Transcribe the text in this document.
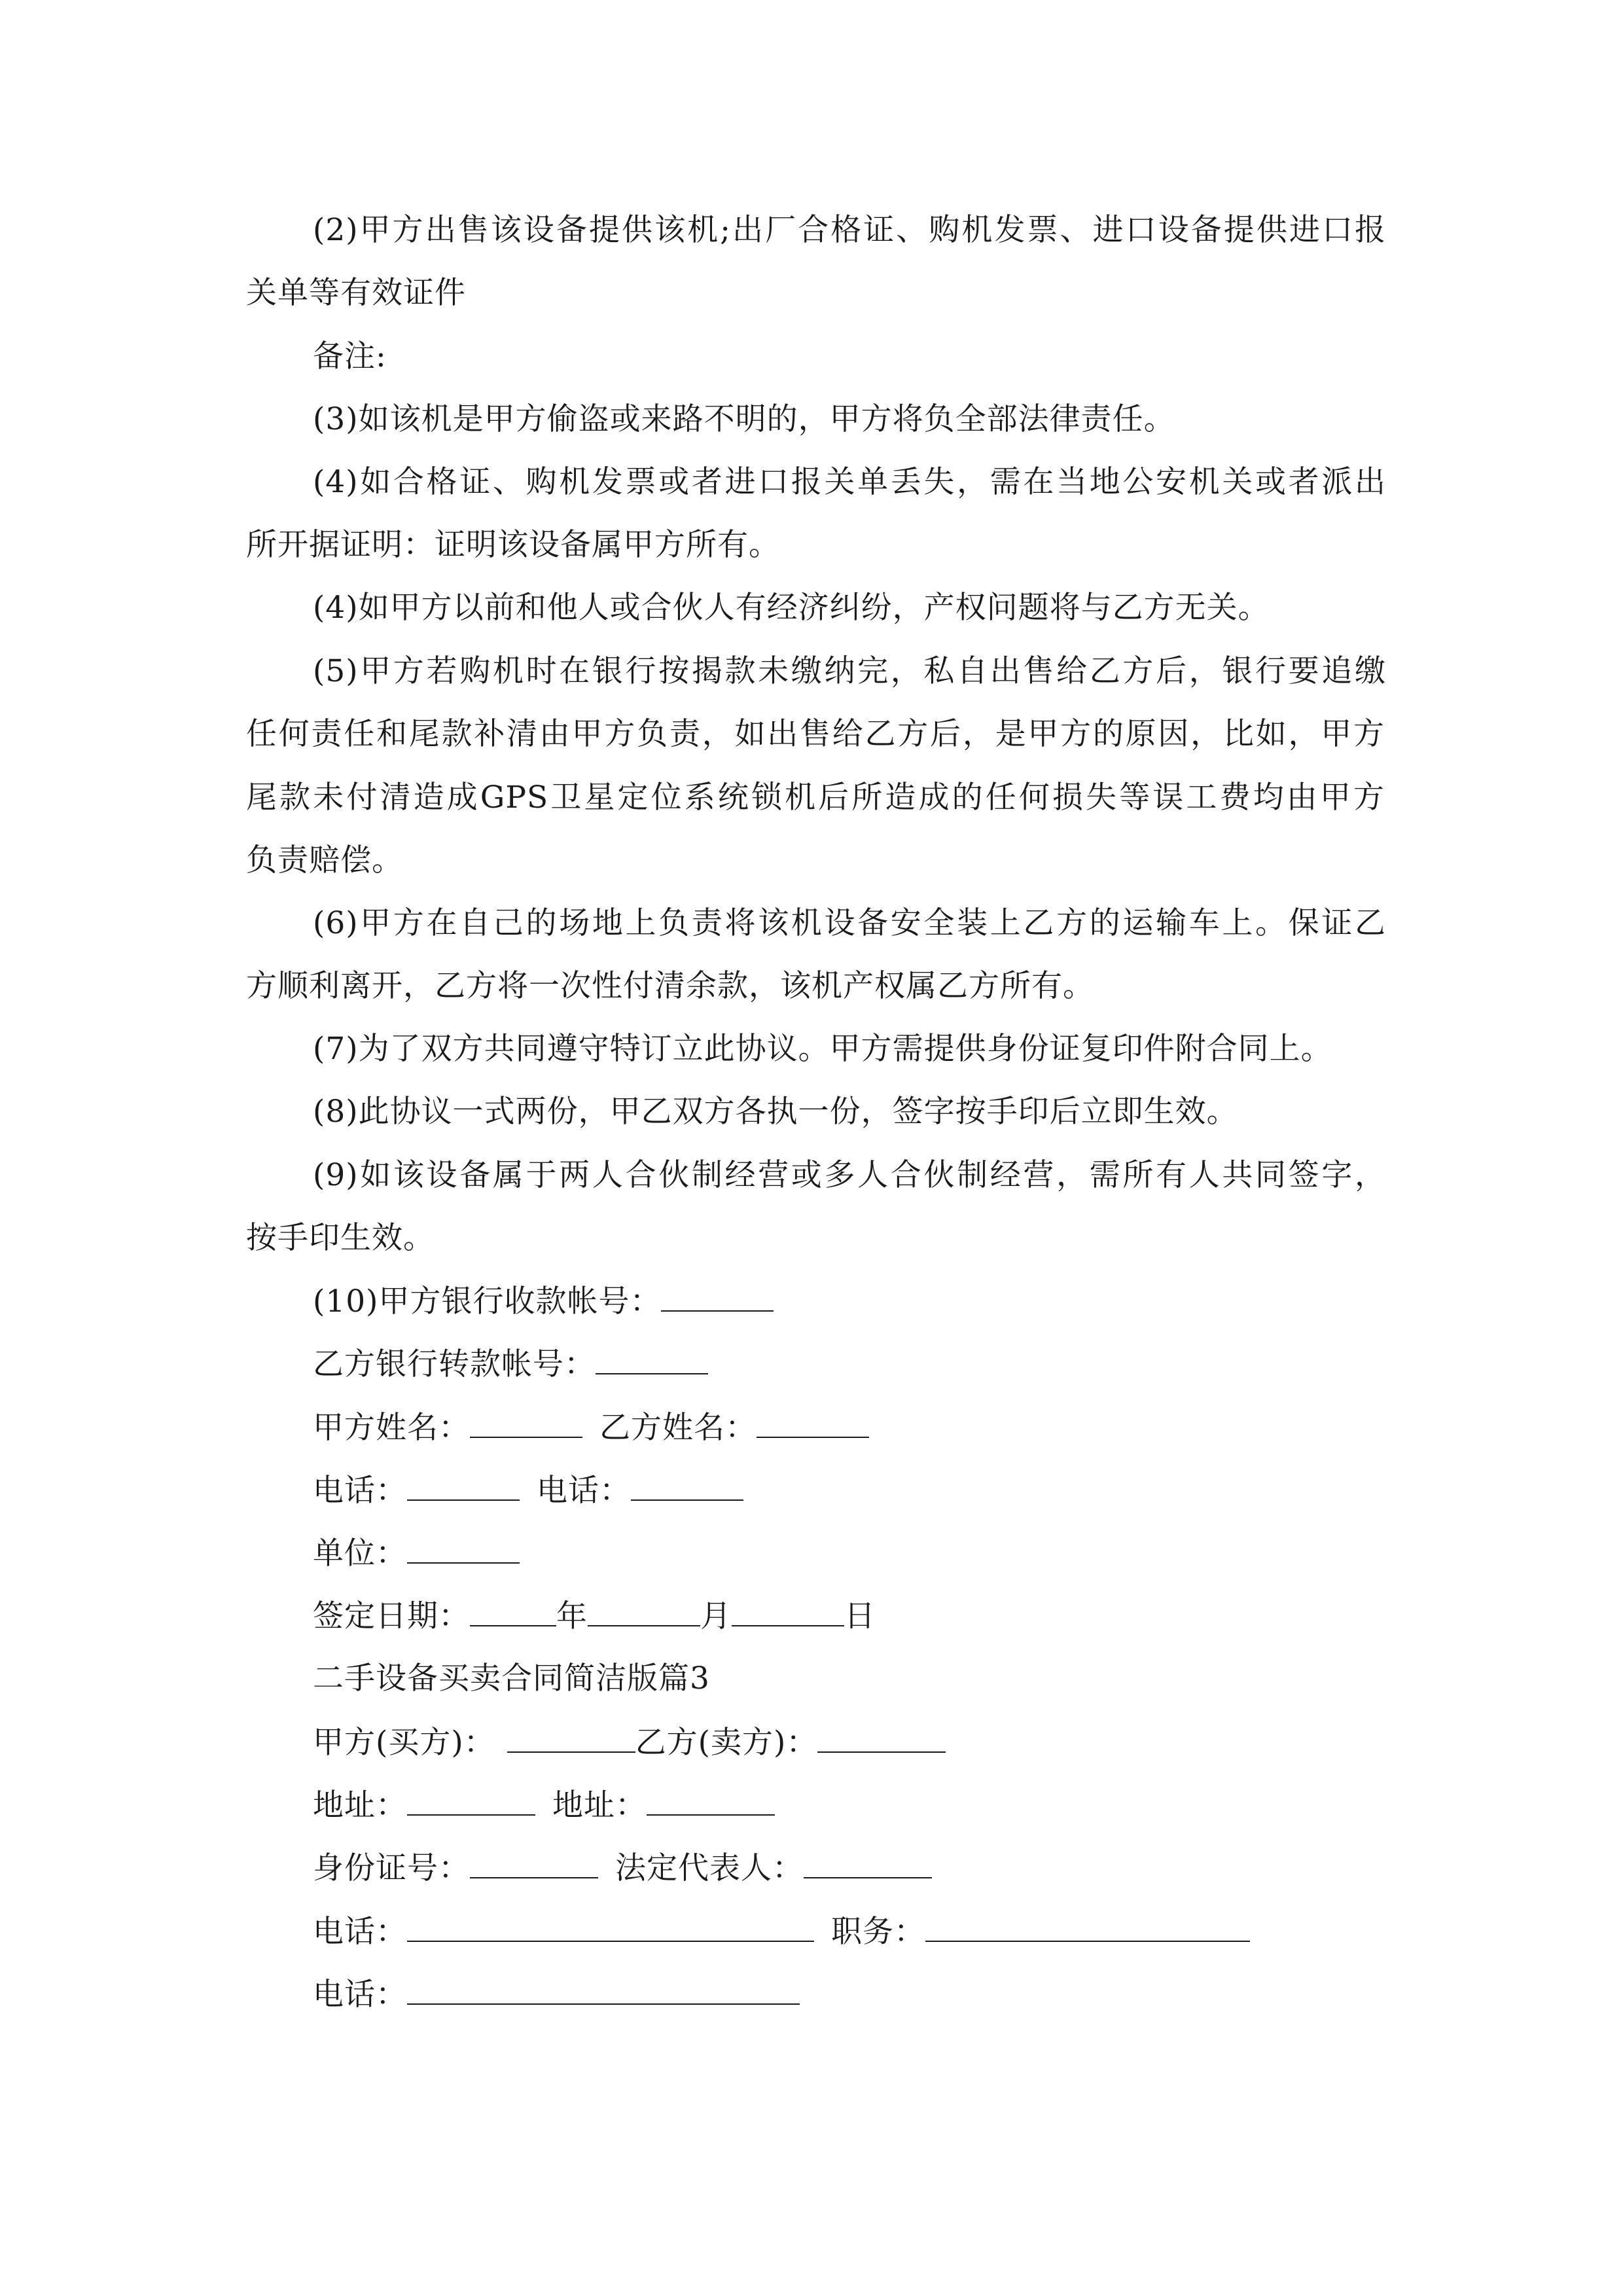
(2)甲方出售该设备提供该机;出厂合格证、购机发票、进口设备提供进口报
关单等有效证件
备注:
(3)如该机是甲方偷盗或来路不明的，甲方将负全部法律责任。
(4)如合格证、购机发票或者进口报关单丢失，需在当地公安机关或者派出
所开据证明：证明该设备属甲方所有。
(4)如甲方以前和他人或合伙人有经济纠纷，产权问题将与乙方无关。
(5)甲方若购机时在银行按揭款未缴纳完，私自出售给乙方后，银行要追缴
任何责任和尾款补清由甲方负责，如出售给乙方后，是甲方的原因，比如，甲方
尾款未付清造成GPS卫星定位系统锁机后所造成的任何损失等误工费均由甲方
负责赔偿。
(6)甲方在自己的场地上负责将该机设备安全装上乙方的运输车上。保证乙
方顺利离开，乙方将一次性付清余款，该机产权属乙方所有。
(7)为了双方共同遵守特订立此协议。甲方需提供身份证复印件附合同上。
(8)此协议一式两份，甲乙双方各执一份，签字按手印后立即生效。
(9)如该设备属于两人合伙制经营或多人合伙制经营，需所有人共同签字，
按手印生效。
(10)甲方银行收款帐号：
乙方银行转款帐号：
甲方姓名：	乙方姓名：
电话：	电话：
单位：
签定日期：	年	月	日
二手设备买卖合同简洁版篇3
甲方(买方)：	乙方(卖方)：
地址：	地址：
身份证号：	法定代表人：
电话：	职务：
电话：
